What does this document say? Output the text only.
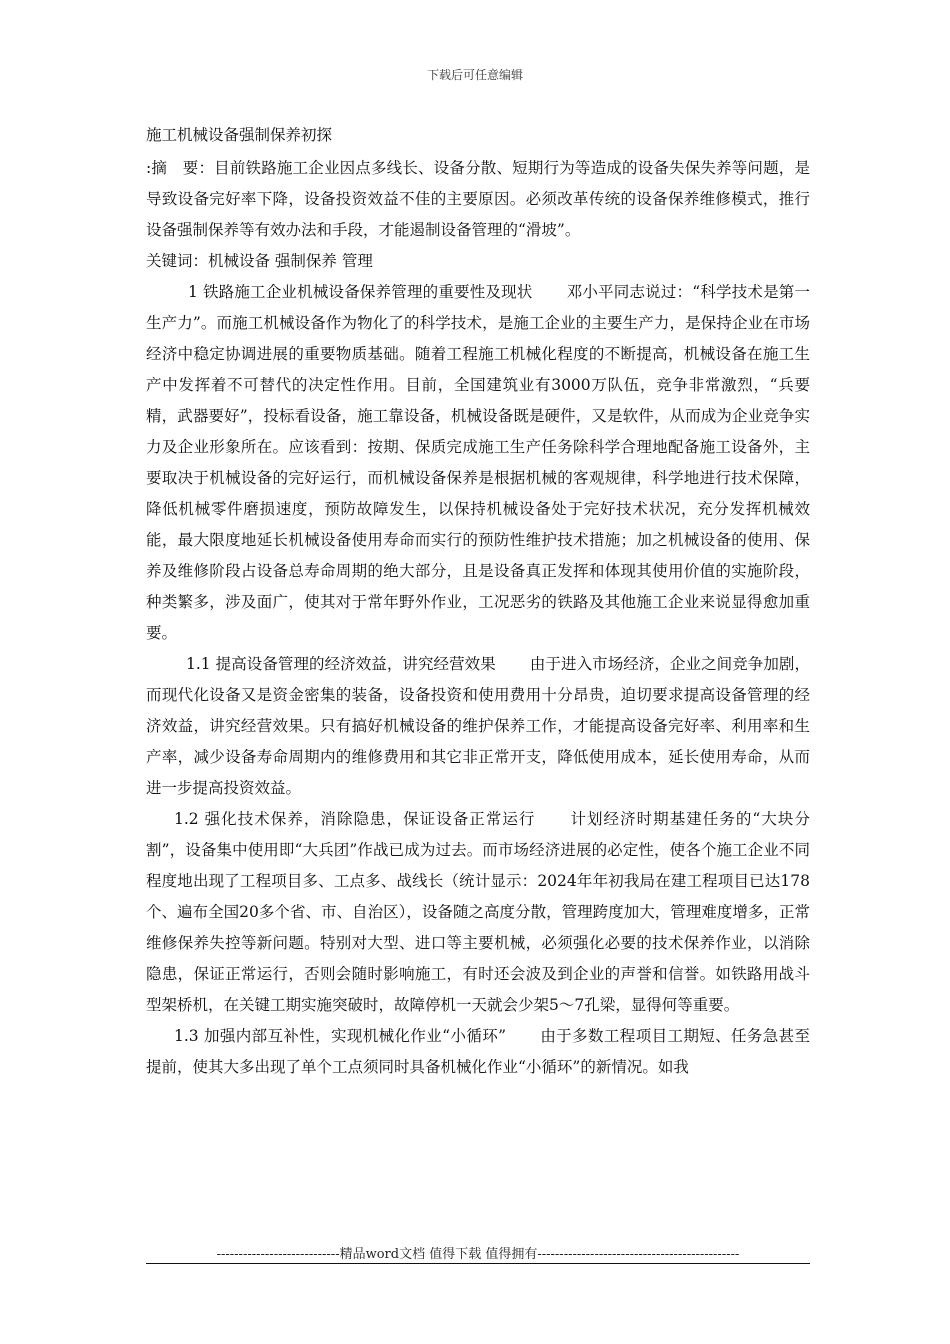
下载后可任意编辑

施工机械设备强制保养初探

:摘　要：目前铁路施工企业因点多线长、设备分散、短期行为等造成的设备失保失养等问题，是导致设备完好率下降，设备投资效益不佳的主要原因。必须改革传统的设备保养维修模式，推行设备强制保养等有效办法和手段，才能遏制设备管理的“滑坡”。

关键词：机械设备 强制保养 管理

1 铁路施工企业机械设备保养管理的重要性及现状 邓小平同志说过：“科学技术是第一生产力”。而施工机械设备作为物化了的科学技术，是施工企业的主要生产力，是保持企业在市场经济中稳定协调进展的重要物质基础。随着工程施工机械化程度的不断提高，机械设备在施工生产中发挥着不可替代的决定性作用。目前，全国建筑业有3000万队伍，竞争非常激烈，“兵要精，武器要好”，投标看设备，施工靠设备，机械设备既是硬件，又是软件，从而成为企业竞争实力及企业形象所在。应该看到：按期、保质完成施工生产任务除科学合理地配备施工设备外，主要取决于机械设备的完好运行，而机械设备保养是根据机械的客观规律，科学地进行技术保障，降低机械零件磨损速度，预防故障发生，以保持机械设备处于完好技术状况，充分发挥机械效能，最大限度地延长机械设备使用寿命而实行的预防性维护技术措施；加之机械设备的使用、保养及维修阶段占设备总寿命周期的绝大部分，且是设备真正发挥和体现其使用价值的实施阶段，种类繁多，涉及面广，使其对于常年野外作业，工况恶劣的铁路及其他施工企业来说显得愈加重要。

1.1 提高设备管理的经济效益，讲究经营效果 由于进入市场经济，企业之间竞争加剧，而现代化设备又是资金密集的装备，设备投资和使用费用十分昂贵，迫切要求提高设备管理的经济效益，讲究经营效果。只有搞好机械设备的维护保养工作，才能提高设备完好率、利用率和生产率，减少设备寿命周期内的维修费用和其它非正常开支，降低使用成本，延长使用寿命，从而进一步提高投资效益。

1.2 强化技术保养，消除隐患，保证设备正常运行 计划经济时期基建任务的“大块分割”，设备集中使用即“大兵团”作战已成为过去。而市场经济进展的必定性，使各个施工企业不同程度地出现了工程项目多、工点多、战线长（统计显示：2024年年初我局在建工程项目已达178个、遍布全国20多个省、市、自治区），设备随之高度分散，管理跨度加大，管理难度增多，正常维修保养失控等新问题。特别对大型、进口等主要机械，必须强化必要的技术保养作业，以消除隐患，保证正常运行，否则会随时影响施工，有时还会波及到企业的声誉和信誉。如铁路用战斗型架桥机，在关键工期实施突破时，故障停机一天就会少架5～7孔梁，显得何等重要。

1.3 加强内部互补性，实现机械化作业“小循环” 由于多数工程项目工期短、任务急甚至提前，使其大多出现了单个工点须同时具备机械化作业“小循环”的新情况。如我

----------------------------精品word文档 值得下载 值得拥有----------------------------------------------
